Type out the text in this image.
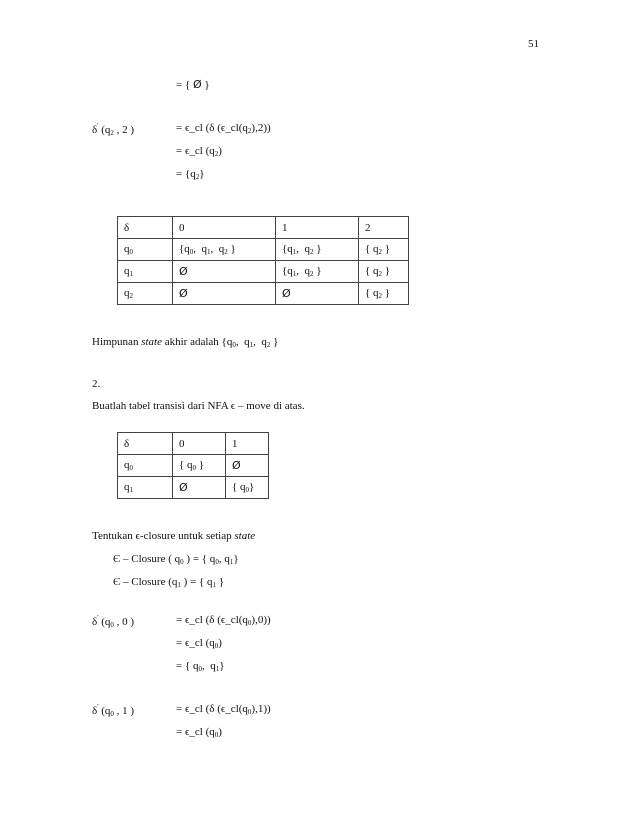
51
= { Ø }
δ' ($q_2$ , 2 )	= ϵ_cl (δ $(\epsilon\_cl(q_2),2)$)
= ϵ_cl $(q_2)$
= $\{q_2\}$
δ	0	1	2
$q_0$	{$q_0$,  $q_1$,  $q_2$ }	{$q_1$,  $q_2$ }	{ $q_2$ }
$q_1$	Ø	{$q_1$,  $q_2$ }	{ $q_2$ }
$q_2$	Ø	Ø	{ $q_2$ }
Himpunan state akhir adalah {$q_0$,  $q_1$,  $q_2$ }
2.
Buatlah tabel transisi dari NFA ϵ – move di atas.
δ	0	1
$q_0$	{ $q_0$ }	Ø
$q_1$	Ø	{ $q_0$}
Tentukan ϵ-closure untuk setiap state
Є – Closure ( $q_0$ ) = { $q_0$, $q_1$}
Є – Closure ($q_1$ ) = { $q_1$ }
δ' ($q_0$ , 0 )	= ϵ_cl (δ $(\epsilon\_cl(q_0),0)$)
= ϵ_cl $(q_0)$
= { $q_0$,  $q_1$}
δ' ($q_0$ , 1 )	= ϵ_cl (δ $(\epsilon\_cl(q_0),1)$)
= ϵ_cl $(q_0)$
